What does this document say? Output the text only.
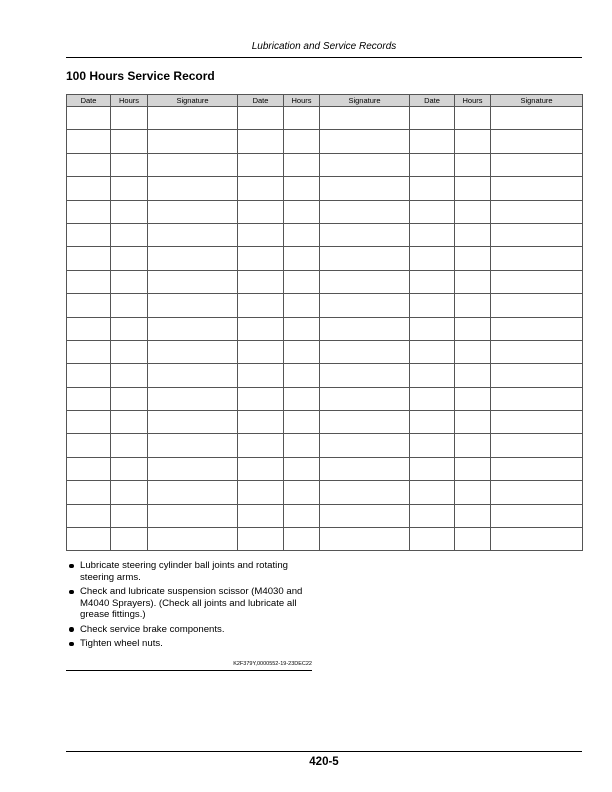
Lubrication and Service Records
100 Hours Service Record
Date	Hours	Signature	Date	Hours	Signature	Date	Hours	Signature

Lubricate steering cylinder ball joints and rotating steering arms.
Check and lubricate suspension scissor (M4030 and M4040 Sprayers). (Check all joints and lubricate all grease fittings.)
Check service brake components.
Tighten wheel nuts.
K2F379Y,0000552-19-23DEC22
420-5
